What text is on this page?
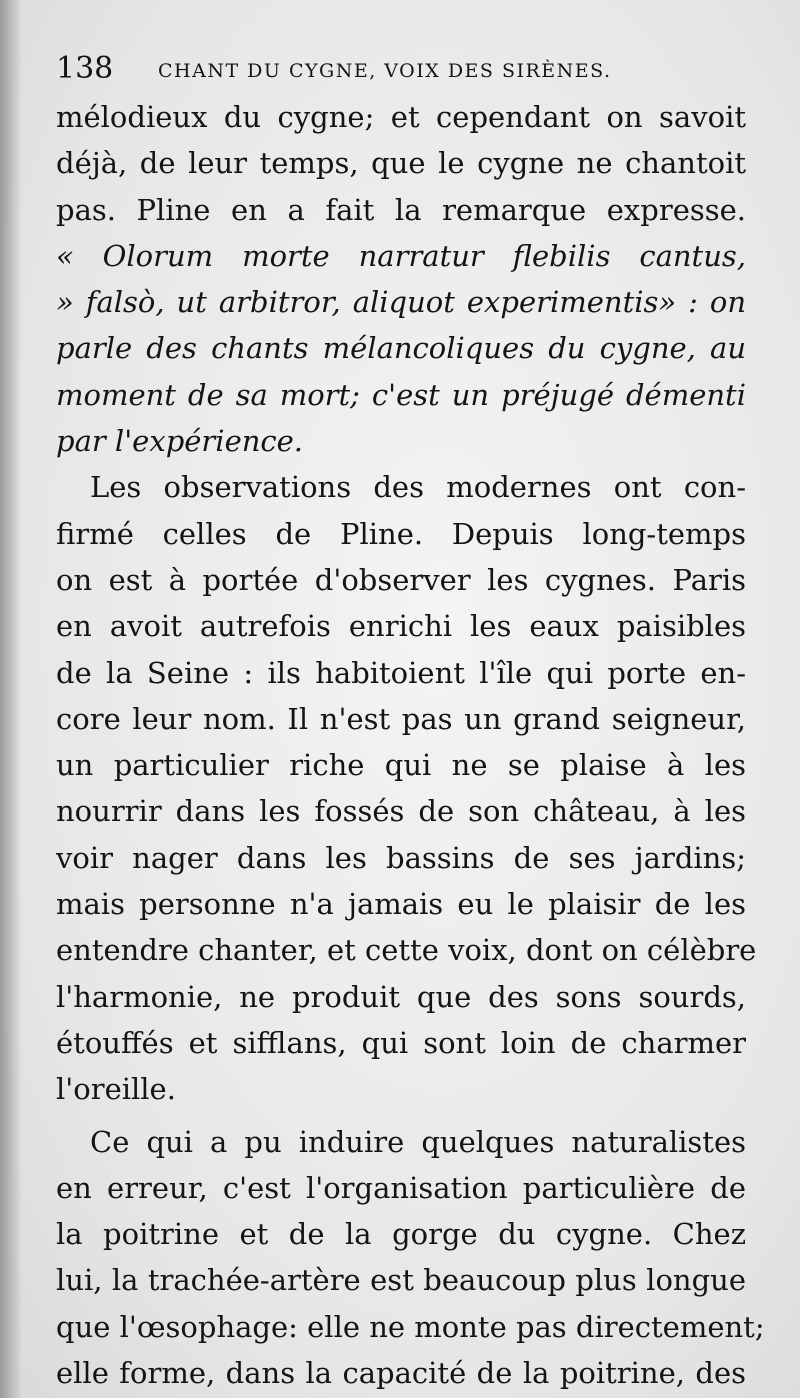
138 CHANT DU CYGNE, VOIX DES SIRÈNES.
mélodieux du cygne; et cependant on savoit
déjà, de leur temps, que le cygne ne chantoit
pas. Pline en a fait la remarque expresse.
« Olorum morte narratur flebilis cantus,
» falsò, ut arbitror, aliquot experimentis» : on
parle des chants mélancoliques du cygne, au
moment de sa mort; c'est un préjugé démenti
par l'expérience.
Les observations des modernes ont con-
firmé celles de Pline. Depuis long-temps
on est à portée d'observer les cygnes. Paris
en avoit autrefois enrichi les eaux paisibles
de la Seine : ils habitoient l'île qui porte en-
core leur nom. Il n'est pas un grand seigneur,
un particulier riche qui ne se plaise à les
nourrir dans les fossés de son château, à les
voir nager dans les bassins de ses jardins;
mais personne n'a jamais eu le plaisir de les
entendre chanter, et cette voix, dont on célèbre
l'harmonie, ne produit que des sons sourds,
étouffés et sifflans, qui sont loin de charmer
l'oreille.
Ce qui a pu induire quelques naturalistes
en erreur, c'est l'organisation particulière de
la poitrine et de la gorge du cygne. Chez
lui, la trachée-artère est beaucoup plus longue
que l'œsophage: elle ne monte pas directement;
elle forme, dans la capacité de la poitrine, des
